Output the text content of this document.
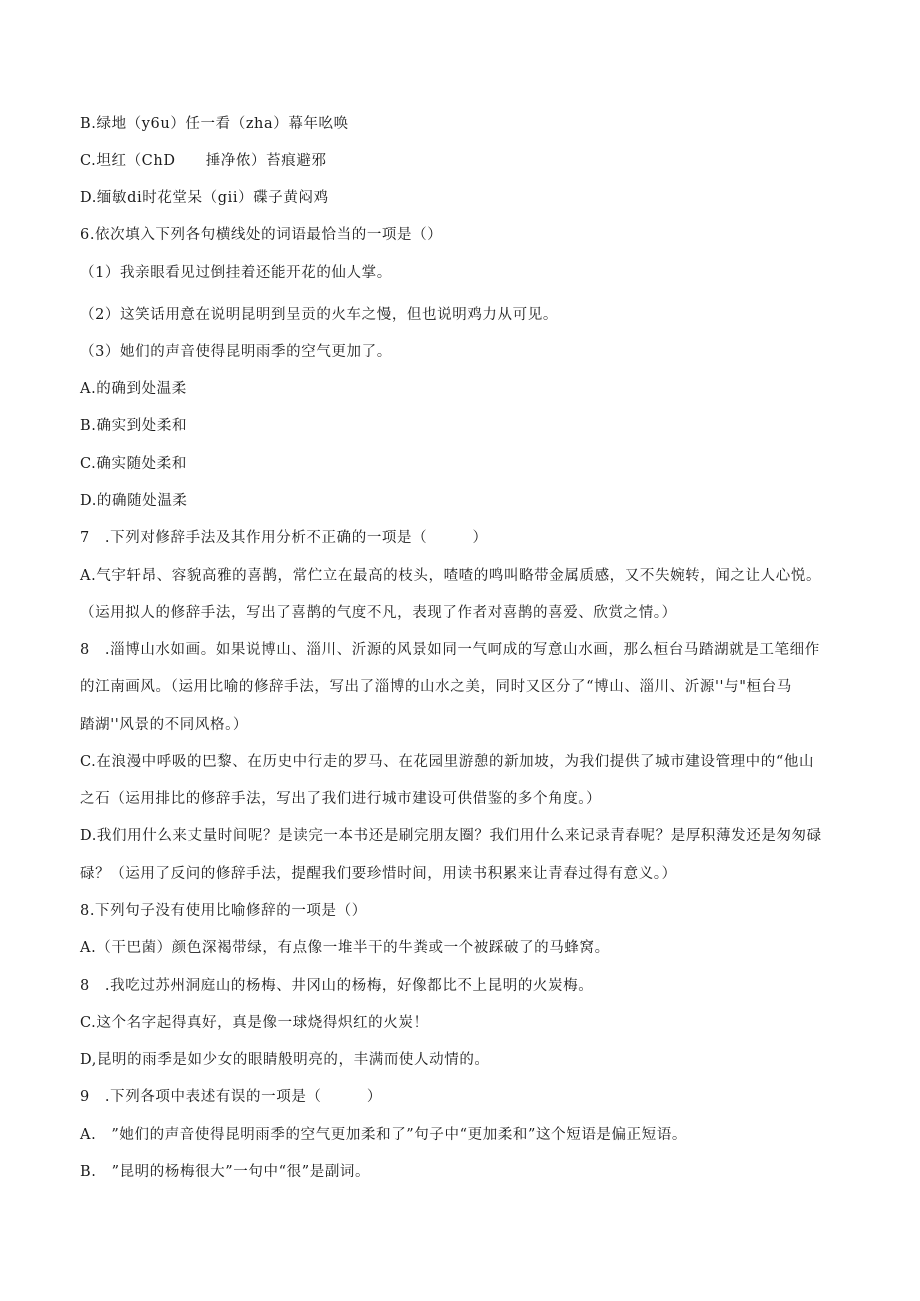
B.绿地（y6u）任一看（zha）幕年吆唤
C.坦红（ChD　　捶净侬）苔痕避邪
D.缅敏di时花堂呆（gii）碟子黄闷鸡
6.依次填入下列各句横线处的词语最恰当的一项是（）
（1）我亲眼看见过倒挂着还能开花的仙人掌。
（2）这笑话用意在说明昆明到呈贡的火车之慢，但也说明鸡力从可见。
（3）她们的声音使得昆明雨季的空气更加了。
A.的确到处温柔
B.确实到处柔和
C.确实随处柔和
D.的确随处温柔
7　.下列对修辞手法及其作用分析不正确的一项是（　　　）
A.气宇轩昂、容貌高雅的喜鹊，常伫立在最高的枝头，喳喳的鸣叫略带金属质感，又不失婉转，闻之让人心悦。
（运用拟人的修辞手法，写出了喜鹊的气度不凡，表现了作者对喜鹊的喜爱、欣赏之情。）
8　.淄博山水如画。如果说博山、淄川、沂源的风景如同一气呵成的写意山水画，那么桓台马踏湖就是工笔细作
的江南画风。（运用比喻的修辞手法，写出了淄博的山水之美，同时又区分了“博山、淄川、沂源''与"桓台马
踏湖''风景的不同风格。）
C.在浪漫中呼吸的巴黎、在历史中行走的罗马、在花园里游憩的新加坡，为我们提供了城市建设管理中的“他山
之石（运用排比的修辞手法，写出了我们进行城市建设可供借鉴的多个角度。）
D.我们用什么来丈量时间呢？是读完一本书还是刷完朋友圈？我们用什么来记录青春呢？是厚积薄发还是匆匆碌
碌？（运用了反问的修辞手法，提醒我们要珍惜时间，用读书积累来让青春过得有意义。）
8.下列句子没有使用比喻修辞的一项是（）
A.（干巴菌）颜色深褐带绿，有点像一堆半干的牛粪或一个被踩破了的马蜂窝。
8　.我吃过苏州洞庭山的杨梅、井冈山的杨梅，好像都比不上昆明的火炭梅。
C.这个名字起得真好，真是像一球烧得炽红的火炭！
D,昆明的雨季是如少女的眼睛般明亮的，丰满而使人动情的。
9　.下列各项中表述有误的一项是（　　　）
A.　”她们的声音使得昆明雨季的空气更加柔和了”句子中“更加柔和”这个短语是偏正短语。
B.　”昆明的杨梅很大”一句中“很”是副词。
